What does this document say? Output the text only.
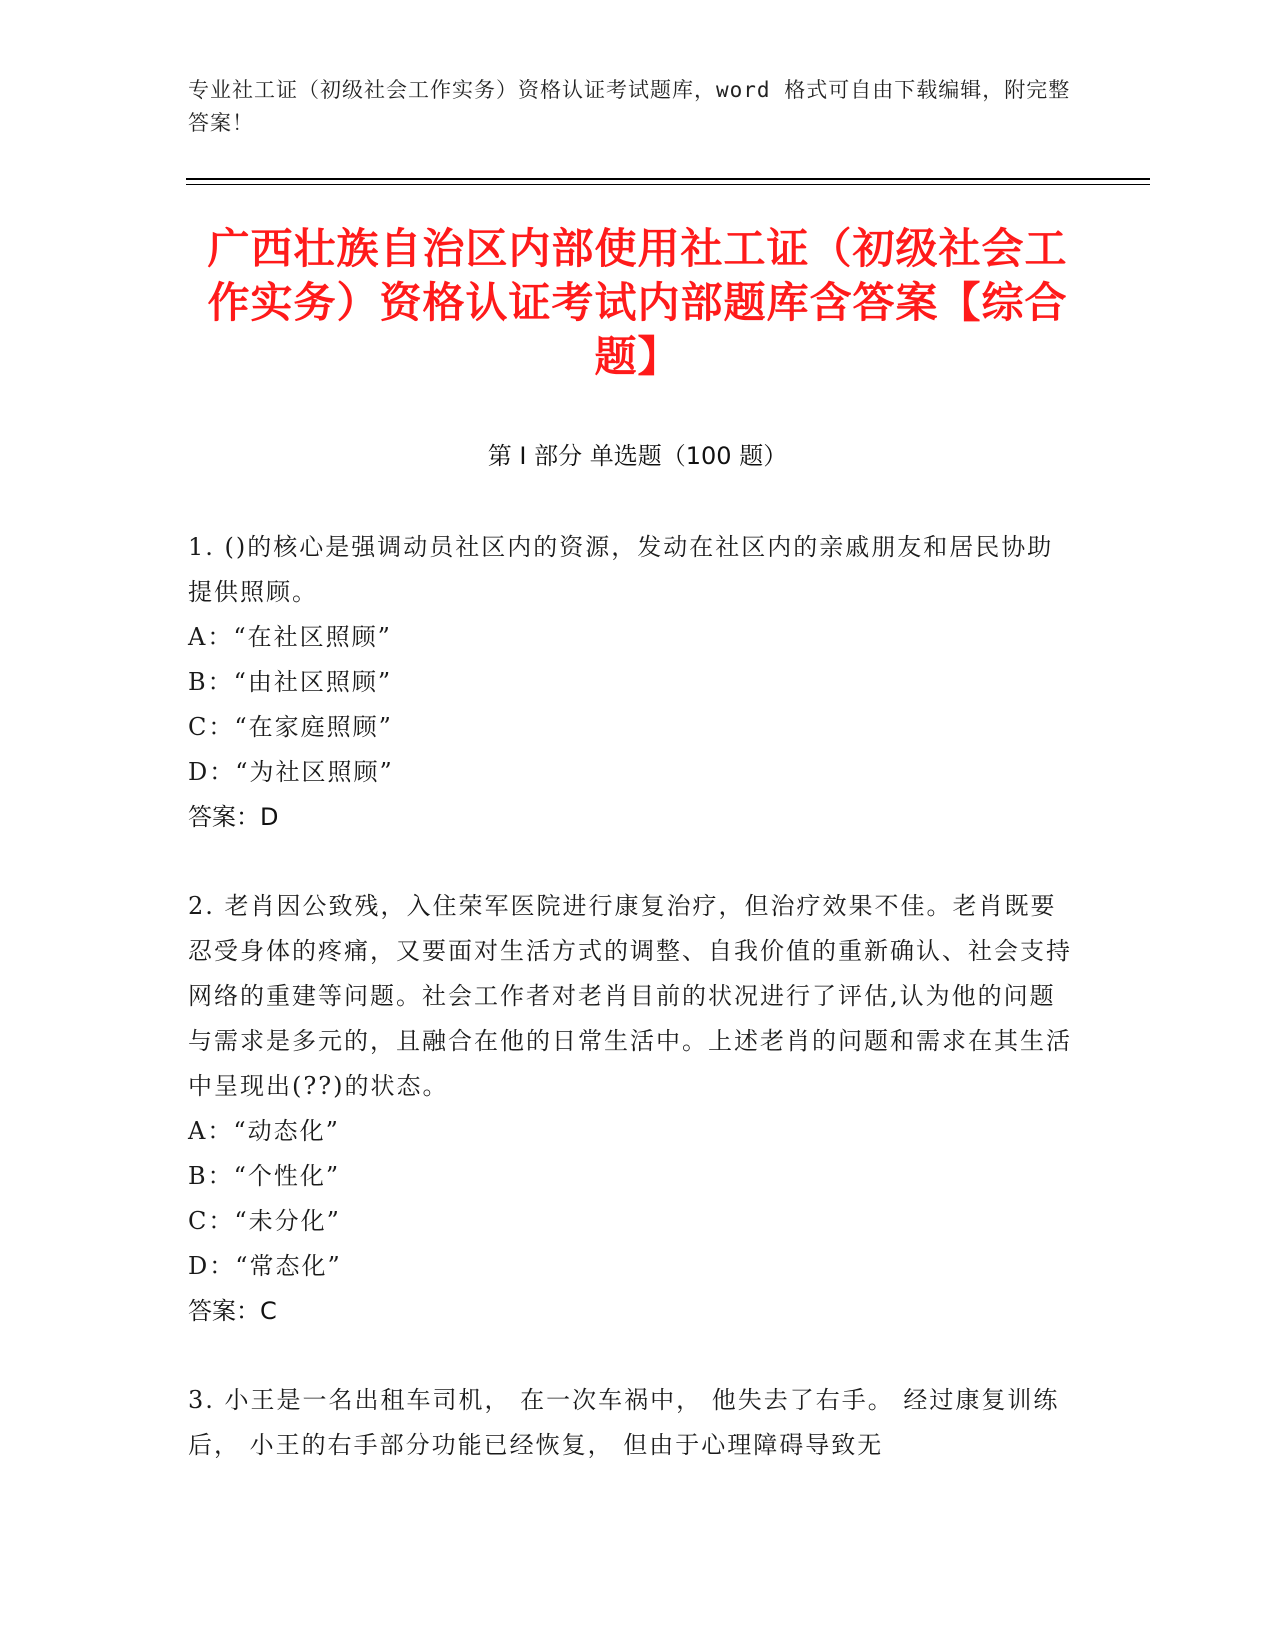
专业社工证（初级社会工作实务）资格认证考试题库，word 格式可自由下载编辑，附完整答案！
广西壮族自治区内部使用社工证（初级社会工作实务）资格认证考试内部题库含答案【综合题】
第 I 部分 单选题（100 题）

1. ()的核心是强调动员社区内的资源，发动在社区内的亲戚朋友和居民协助提供照顾。

A：“在社区照顾”
B：“由社区照顾”
C：“在家庭照顾”
D：“为社区照顾”
答案：D

2. 老肖因公致残，入住荣军医院进行康复治疗，但治疗效果不佳。老肖既要忍受身体的疼痛，又要面对生活方式的调整、自我价值的重新确认、社会支持网络的重建等问题。社会工作者对老肖目前的状况进行了评估,认为他的问题与需求是多元的，且融合在他的日常生活中。上述老肖的问题和需求在其生活中呈现出(??)的状态。

A：“动态化”
B：“个性化”
C：“未分化”
D：“常态化”
答案：C

3. 小王是一名出租车司机， 在一次车祸中， 他失去了右手。 经过康复训练后， 小王的右手部分功能已经恢复， 但由于心理障碍导致无
